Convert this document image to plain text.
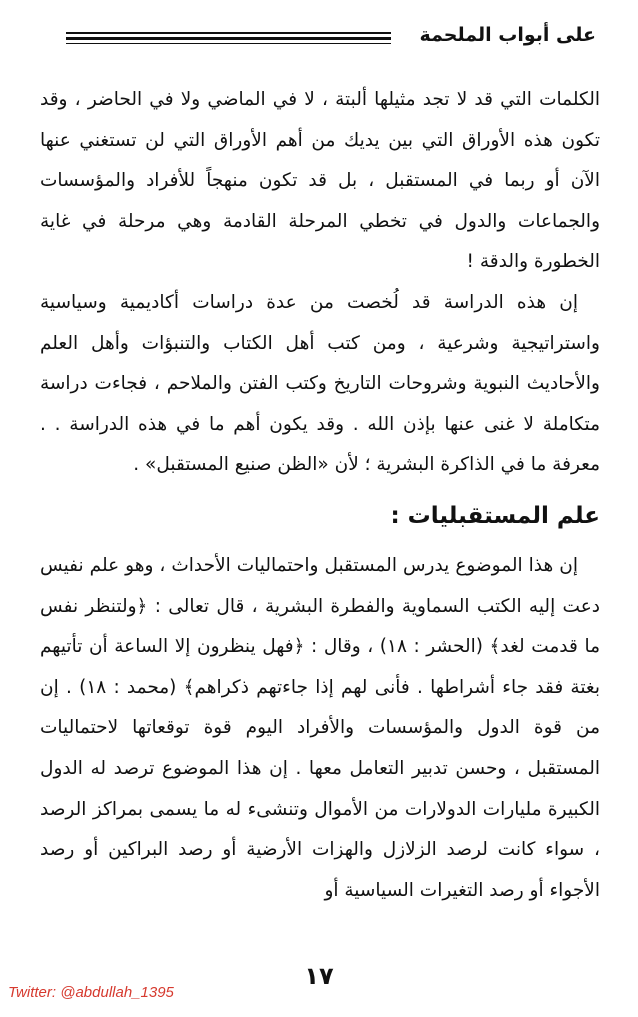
على أبواب الملحمة

الكلمات التي قد لا تجد مثيلها ألبتة ، لا في الماضي ولا في الحاضر ، وقد تكون هذه الأوراق التي بين يديك من أهم الأوراق التي لن تستغني عنها الآن أو ربما في المستقبل ، بل قد تكون منهجاً للأفراد والمؤسسات والجماعات والدول في تخطي المرحلة القادمة وهي مرحلة في غاية الخطورة والدقة !

إن هذه الدراسة قد لُخصت من عدة دراسات أكاديمية وسياسية واستراتيجية وشرعية ، ومن كتب أهل الكتاب والتنبؤات وأهل العلم والأحاديث النبوية وشروحات التاريخ وكتب الفتن والملاحم ، فجاءت دراسة متكاملة لا غنى عنها بإذن الله . وقد يكون أهم ما في هذه الدراسة . . معرفة ما في الذاكرة البشرية ؛ لأن «الظن صنيع المستقبل» .

علم المستقبليات :

إن هذا الموضوع يدرس المستقبل واحتماليات الأحداث ، وهو علم نفيس دعت إليه الكتب السماوية والفطرة البشرية ، قال تعالى : ﴿ولتنظر نفس ما قدمت لغد﴾ (الحشر : ١٨) ، وقال : ﴿فهل ينظرون إلا الساعة أن تأتيهم بغتة فقد جاء أشراطها . فأنى لهم إذا جاءتهم ذكراهم﴾ (محمد : ١٨) . إن من قوة الدول والمؤسسات والأفراد اليوم قوة توقعاتها لاحتماليات المستقبل ، وحسن تدبير التعامل معها . إن هذا الموضوع ترصد له الدول الكبيرة مليارات الدولارات من الأموال وتنشىء له ما يسمى بمراكز الرصد ، سواء كانت لرصد الزلازل والهزات الأرضية أو رصد البراكين أو رصد الأجواء أو رصد التغيرات السياسية أو

١٧
Twitter: @abdullah_1395
